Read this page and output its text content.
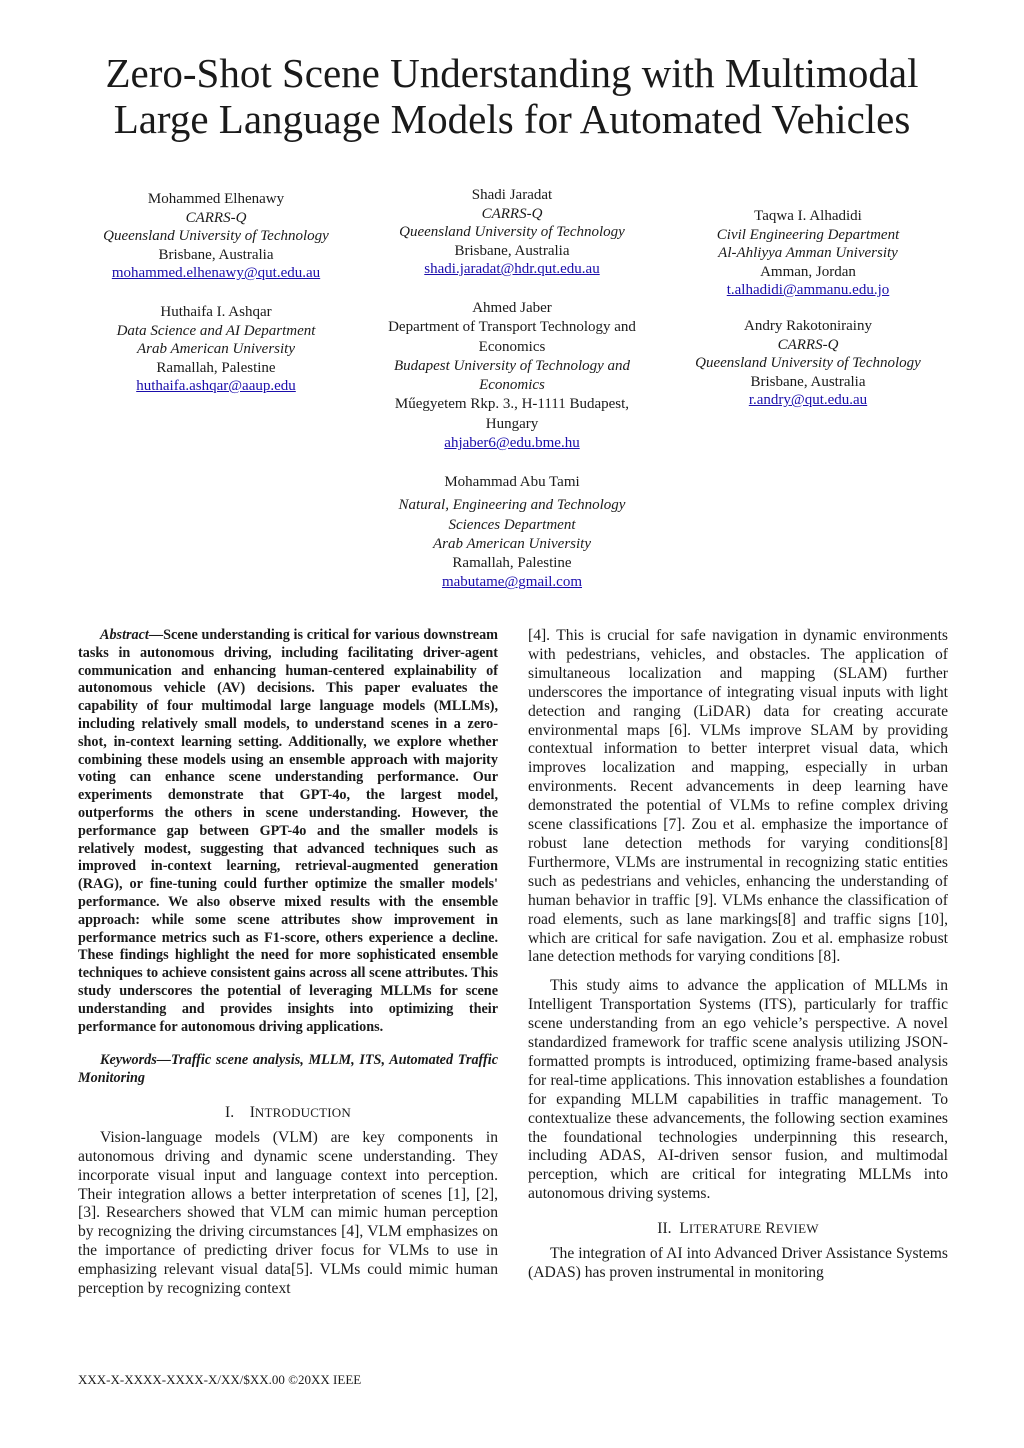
Zero-Shot Scene Understanding with Multimodal
Large Language Models for Automated Vehicles
Mohammed Elhenawy
CARRS-Q
Queensland University of Technology
Brisbane, Australia
mohammed.elhenawy@qut.edu.au
Shadi Jaradat
CARRS-Q
Queensland University of Technology
Brisbane, Australia
shadi.jaradat@hdr.qut.edu.au
Taqwa I. Alhadidi
Civil Engineering Department
Al-Ahliyya Amman University
Amman, Jordan
t.alhadidi@ammanu.edu.jo
Huthaifa I. Ashqar
Data Science and AI Department
Arab American University
Ramallah, Palestine
huthaifa.ashqar@aaup.edu
Ahmed Jaber
Department of Transport Technology and Economics
Budapest University of Technology and Economics
Műegyetem Rkp. 3., H-1111 Budapest, Hungary
ahjaber6@edu.bme.hu
Andry Rakotonirainy
CARRS-Q
Queensland University of Technology
Brisbane, Australia
r.andry@qut.edu.au
Mohammad Abu Tami
Natural, Engineering and Technology Sciences Department
Arab American University
Ramallah, Palestine
mabutame@gmail.com

Abstract—Scene understanding is critical for various downstream tasks in autonomous driving, including facilitating driver-agent communication and enhancing human-centered explainability of autonomous vehicle (AV) decisions. This paper evaluates the capability of four multimodal large language models (MLLMs), including relatively small models, to understand scenes in a zero-shot, in-context learning setting. Additionally, we explore whether combining these models using an ensemble approach with majority voting can enhance scene understanding performance. Our experiments demonstrate that GPT-4o, the largest model, outperforms the others in scene understanding. However, the performance gap between GPT-4o and the smaller models is relatively modest, suggesting that advanced techniques such as improved in-context learning, retrieval-augmented generation (RAG), or fine-tuning could further optimize the smaller models' performance. We also observe mixed results with the ensemble approach: while some scene attributes show improvement in performance metrics such as F1-score, others experience a decline. These findings highlight the need for more sophisticated ensemble techniques to achieve consistent gains across all scene attributes. This study underscores the potential of leveraging MLLMs for scene understanding and provides insights into optimizing their performance for autonomous driving applications.

Keywords—Traffic scene analysis, MLLM, ITS, Automated Traffic Monitoring

I. INTRODUCTION

Vision-language models (VLM) are key components in autonomous driving and dynamic scene understanding. They incorporate visual input and language context into perception. Their integration allows a better interpretation of scenes [1], [2], [3]. Researchers showed that VLM can mimic human perception by recognizing the driving circumstances [4], VLM emphasizes on the importance of predicting driver focus for VLMs to use in emphasizing relevant visual data[5]. VLMs could mimic human perception by recognizing context

[4]. This is crucial for safe navigation in dynamic environments with pedestrians, vehicles, and obstacles. The application of simultaneous localization and mapping (SLAM) further underscores the importance of integrating visual inputs with light detection and ranging (LiDAR) data for creating accurate environmental maps [6]. VLMs improve SLAM by providing contextual information to better interpret visual data, which improves localization and mapping, especially in urban environments. Recent advancements in deep learning have demonstrated the potential of VLMs to refine complex driving scene classifications [7]. Zou et al. emphasize the importance of robust lane detection methods for varying conditions[8] Furthermore, VLMs are instrumental in recognizing static entities such as pedestrians and vehicles, enhancing the understanding of human behavior in traffic [9]. VLMs enhance the classification of road elements, such as lane markings[8] and traffic signs [10], which are critical for safe navigation. Zou et al. emphasize robust lane detection methods for varying conditions [8].

This study aims to advance the application of MLLMs in Intelligent Transportation Systems (ITS), particularly for traffic scene understanding from an ego vehicle’s perspective. A novel standardized framework for traffic scene analysis utilizing JSON-formatted prompts is introduced, optimizing frame-based analysis for real-time applications. This innovation establishes a foundation for expanding MLLM capabilities in traffic management. To contextualize these advancements, the following section examines the foundational technologies underpinning this research, including ADAS, AI-driven sensor fusion, and multimodal perception, which are critical for integrating MLLMs into autonomous driving systems.

II. LITERATURE REVIEW

The integration of AI into Advanced Driver Assistance Systems (ADAS) has proven instrumental in monitoring

XXX-X-XXXX-XXXX-X/XX/$XX.00 ©20XX IEEE
